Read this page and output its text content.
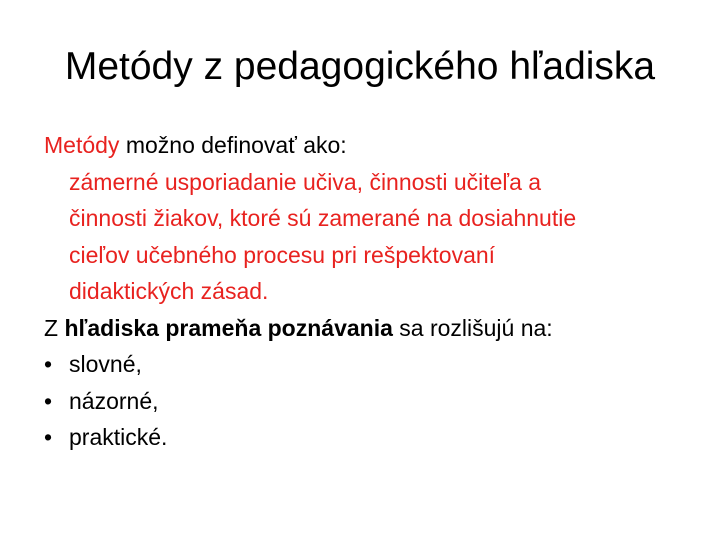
Metódy z pedagogického hľadiska
Metódy možno definovať ako:
zámerné usporiadanie učiva, činnosti učiteľa a
činnosti žiakov, ktoré sú zamerané na dosiahnutie
cieľov učebného procesu pri rešpektovaní
didaktických zásad.
Z hľadiska prameňa poznávania sa rozlišujú na:
• slovné,
• názorné,
• praktické.
